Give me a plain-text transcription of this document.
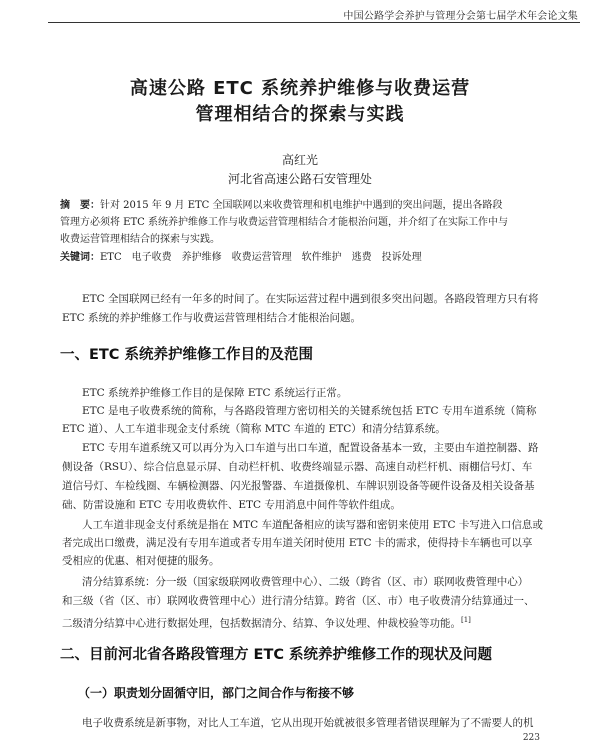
中国公路学会养护与管理分会第七届学术年会论文集
高速公路 ETC 系统养护维修与收费运营
管理相结合的探索与实践
高红光
河北省高速公路石安管理处
摘　要：针对 2015 年 9 月 ETC 全国联网以来收费管理和机电维护中遇到的突出问题，提出各路段
管理方必须将 ETC 系统养护维修工作与收费运营管理相结合才能根治问题，并介绍了在实际工作中与
收费运营管理相结合的探索与实践。
关键词：ETC　电子收费　养护维修　收费运营管理　软件维护　逃费　投诉处理
ETC 全国联网已经有一年多的时间了。在实际运营过程中遇到很多突出问题。各路段管理方只有将
ETC 系统的养护维修工作与收费运营管理相结合才能根治问题。
一、ETC 系统养护维修工作目的及范围
ETC 系统养护维修工作目的是保障 ETC 系统运行正常。
ETC 是电子收费系统的简称，与各路段管理方密切相关的关键系统包括 ETC 专用车道系统（简称
ETC 道）、人工车道非现金支付系统（简称 MTC 车道的 ETC）和清分结算系统。
ETC 专用车道系统又可以再分为入口车道与出口车道，配置设备基本一致，主要由车道控制器、路
侧设备（RSU）、综合信息显示屏、自动栏杆机、收费终端显示器、高速自动栏杆机、雨棚信号灯、车
道信号灯、车检线圈、车辆检测器、闪光报警器、车道摄像机、车牌识别设备等硬件设备及相关设备基
础、防雷设施和 ETC 专用收费软件、ETC 专用消息中间件等软件组成。
人工车道非现金支付系统是指在 MTC 车道配备相应的读写器和密钥来使用 ETC 卡写进入口信息或
者完成出口缴费，满足没有专用车道或者专用车道关闭时使用 ETC 卡的需求，使得持卡车辆也可以享
受相应的优惠、相对便捷的服务。
清分结算系统：分一级（国家级联网收费管理中心）、二级（跨省（区、市）联网收费管理中心）
和三级（省（区、市）联网收费管理中心）进行清分结算。跨省（区、市）电子收费清分结算通过一、
二级清分结算中心进行数据处理，包括数据清分、结算、争议处理、仲裁校验等功能。[1]
二、目前河北省各路段管理方 ETC 系统养护维修工作的现状及问题
（一）职责划分固循守旧，部门之间合作与衔接不够
电子收费系统是新事物，对比人工车道，它从出现开始就被很多管理者错误理解为了不需要人的机
223
